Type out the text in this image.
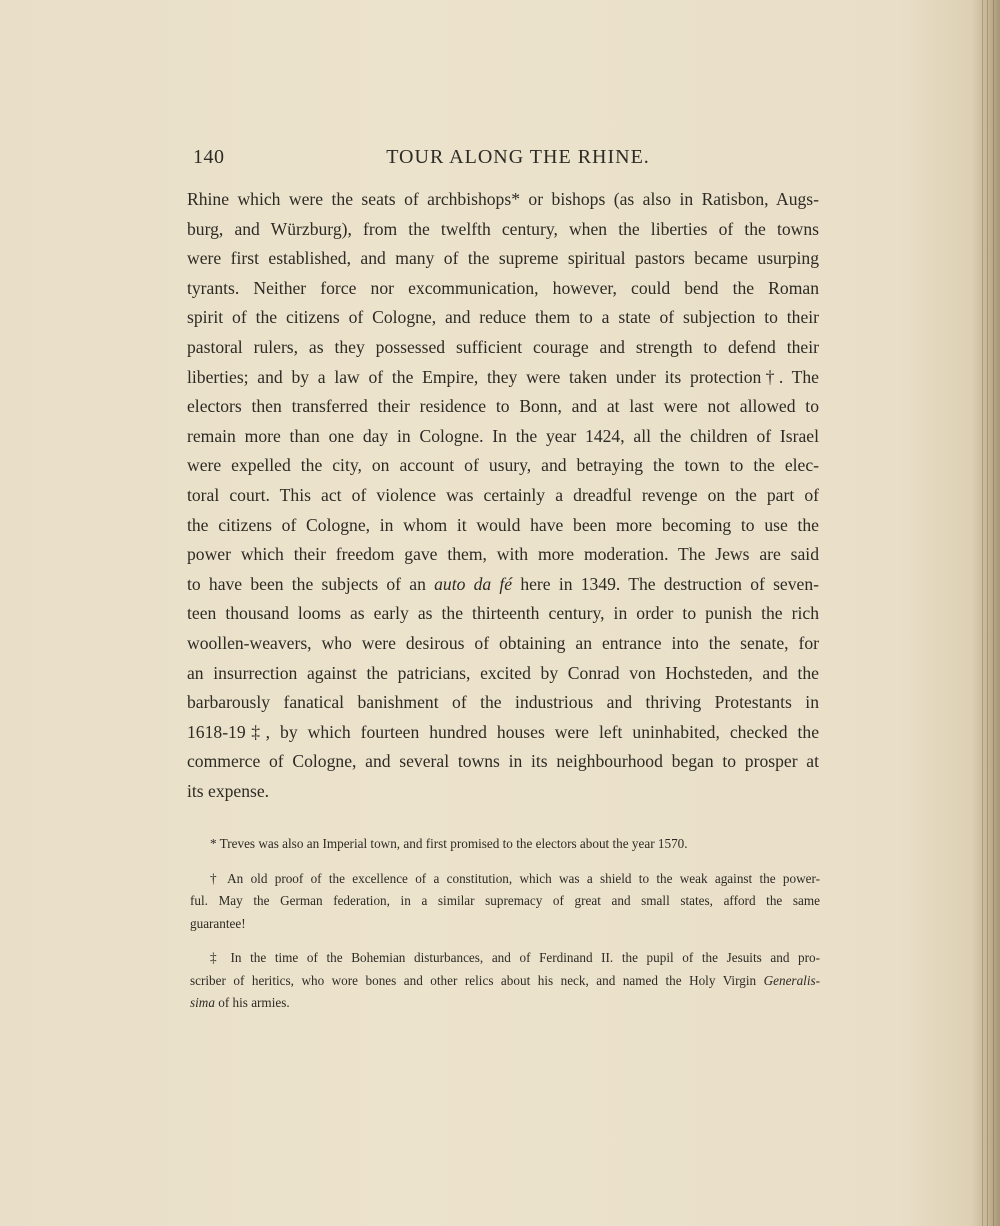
140	TOUR ALONG THE RHINE.
Rhine which were the seats of archbishops* or bishops (as also in Ratisbon, Augs-
burg, and Würzburg), from the twelfth century, when the liberties of the towns
were first established, and many of the supreme spiritual pastors became usurping
tyrants. Neither force nor excommunication, however, could bend the Roman
spirit of the citizens of Cologne, and reduce them to a state of subjection to their
pastoral rulers, as they possessed sufficient courage and strength to defend their
liberties; and by a law of the Empire, they were taken under its protection†. The
electors then transferred their residence to Bonn, and at last were not allowed to
remain more than one day in Cologne. In the year 1424, all the children of Israel
were expelled the city, on account of usury, and betraying the town to the elec-
toral court. This act of violence was certainly a dreadful revenge on the part of
the citizens of Cologne, in whom it would have been more becoming to use the
power which their freedom gave them, with more moderation. The Jews are said
to have been the subjects of an auto da fé here in 1349. The destruction of seven-
teen thousand looms as early as the thirteenth century, in order to punish the rich
woollen-weavers, who were desirous of obtaining an entrance into the senate, for
an insurrection against the patricians, excited by Conrad von Hochsteden, and the
barbarously fanatical banishment of the industrious and thriving Protestants in
1618-19‡, by which fourteen hundred houses were left uninhabited, checked the
commerce of Cologne, and several towns in its neighbourhood began to prosper at
its expense.
* Treves was also an Imperial town, and first promised to the electors about the year 1570.
† An old proof of the excellence of a constitution, which was a shield to the weak against the power-
ful. May the German federation, in a similar supremacy of great and small states, afford the same
guarantee!
‡ In the time of the Bohemian disturbances, and of Ferdinand II. the pupil of the Jesuits and pro-
scriber of heritics, who wore bones and other relics about his neck, and named the Holy Virgin Generalis-
sima of his armies.
